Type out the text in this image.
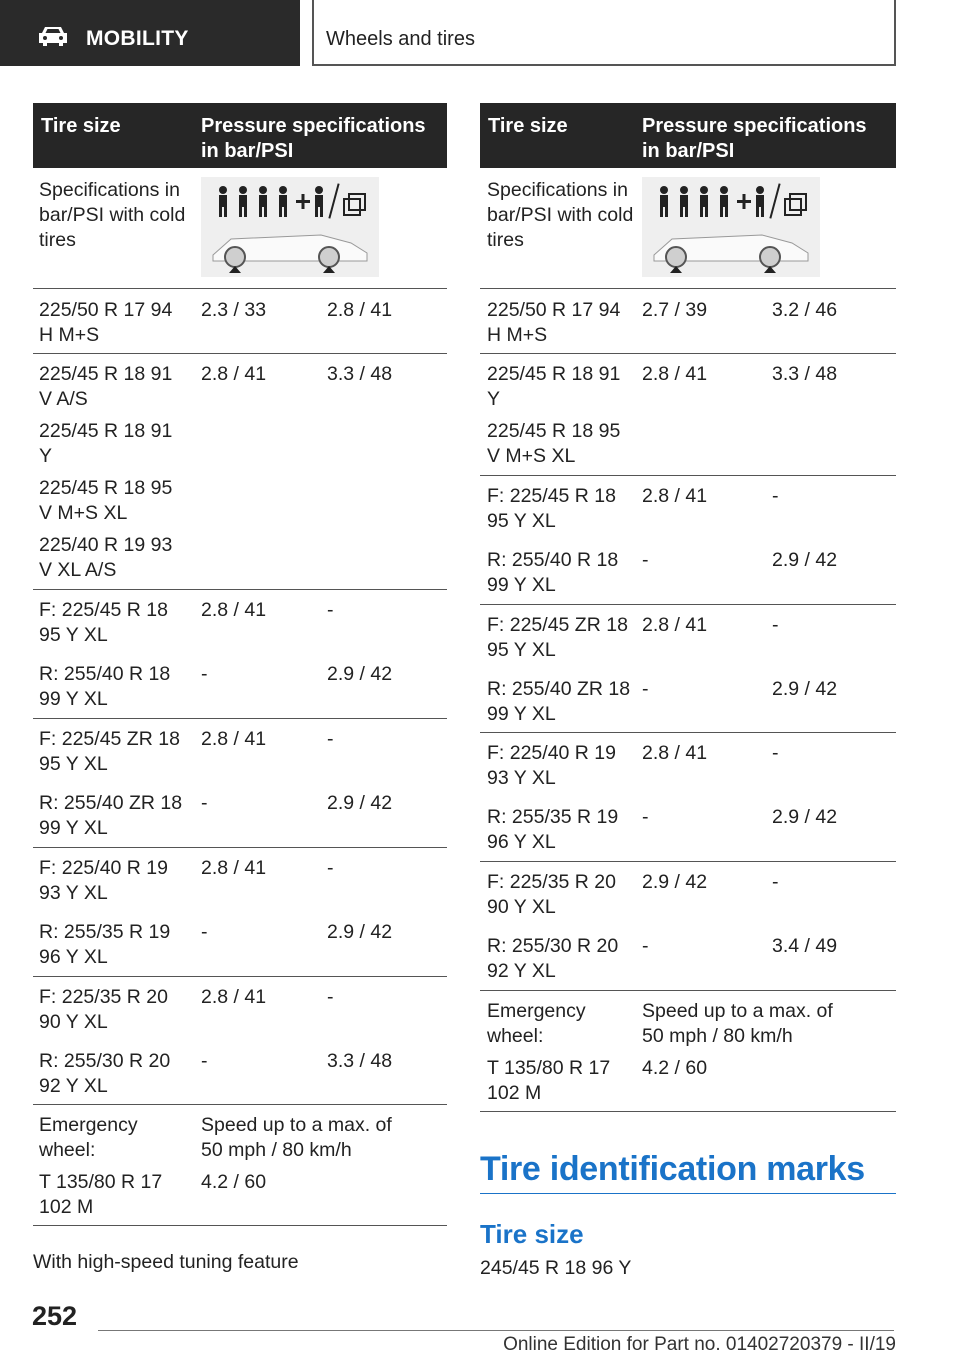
MOBILITY	Wheels and tires
Tire size	Pressure specifications in bar/PSI
Specifications in bar/PSI with cold tires
225/50 R 17 94 H M+S
2.3 / 33	2.8 / 41
225/45 R 18 91 V A/S
225/45 R 18 91 Y
225/45 R 18 95 V M+S XL
225/40 R 19 93 V XL A/S
2.8 / 41	3.3 / 48
F: 225/45 R 18 95 Y XL
2.8 / 41	-
R: 255/40 R 18 99 Y XL
-	2.9 / 42
F: 225/45 ZR 18 95 Y XL
2.8 / 41	-
R: 255/40 ZR 18 99 Y XL
-	2.9 / 42
F: 225/40 R 19 93 Y XL
2.8 / 41	-
R: 255/35 R 19 96 Y XL
-	2.9 / 42
F: 225/35 R 20 90 Y XL
2.8 / 41	-
R: 255/30 R 20 92 Y XL
-	3.3 / 48
Emergency wheel:
Speed up to a max. of 50 mph / 80 km/h
T 135/80 R 17 102 M
4.2 / 60
With high-speed tuning feature
Tire size	Pressure specifications in bar/PSI
Specifications in bar/PSI with cold tires
225/50 R 17 94 H M+S
2.7 / 39	3.2 / 46
225/45 R 18 91 Y
225/45 R 18 95 V M+S XL
2.8 / 41	3.3 / 48
F: 225/45 R 18 95 Y XL
2.8 / 41	-
R: 255/40 R 18 99 Y XL
-	2.9 / 42
F: 225/45 ZR 18 95 Y XL
2.8 / 41	-
R: 255/40 ZR 18 99 Y XL
-	2.9 / 42
F: 225/40 R 19 93 Y XL
2.8 / 41	-
R: 255/35 R 19 96 Y XL
-	2.9 / 42
F: 225/35 R 20 90 Y XL
2.9 / 42	-
R: 255/30 R 20 92 Y XL
-	3.4 / 49
Emergency wheel:
Speed up to a max. of 50 mph / 80 km/h
T 135/80 R 17 102 M
4.2 / 60
Tire identification marks
Tire size
245/45 R 18 96 Y
252
Online Edition for Part no. 01402720379 - II/19
